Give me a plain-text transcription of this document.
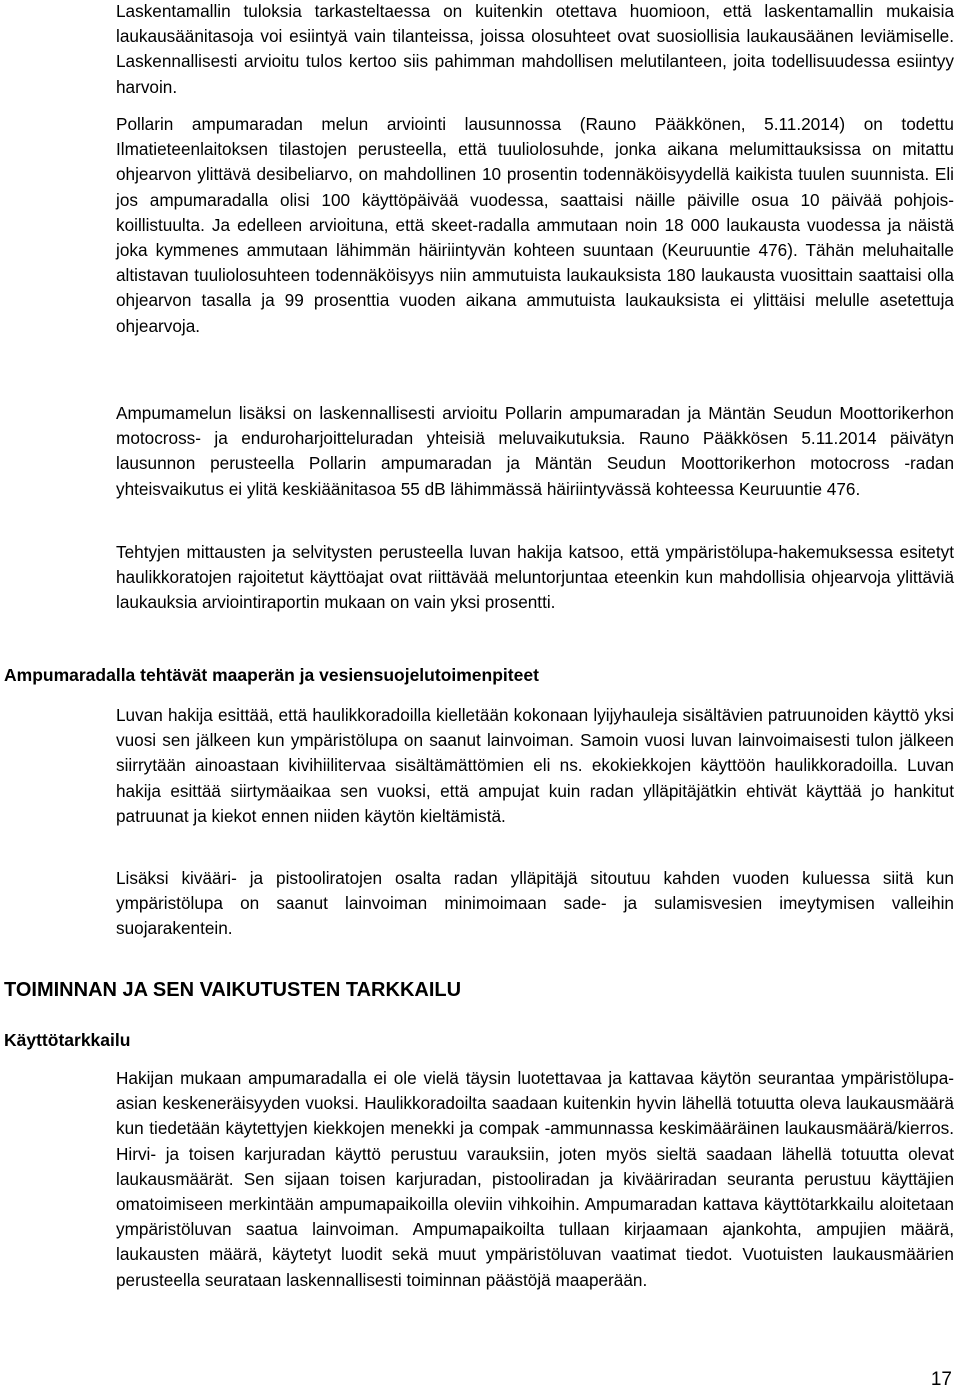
Laskentamallin tuloksia tarkasteltaessa on kuitenkin otettava huomioon, että laskentamallin mukaisia laukausäänitasoja voi esiintyä vain tilanteissa, joissa olosuhteet ovat suosiollisia laukausäänen leviämiselle. Laskennallisesti arvioitu tulos kertoo siis pahimman mahdollisen melutilanteen, joita todellisuudessa esiintyy harvoin.

Pollarin ampumaradan melun arviointi lausunnossa (Rauno Pääkkönen, 5.11.2014) on todettu Ilmatieteenlaitoksen tilastojen perusteella, että tuuliolosuhde, jonka aikana melumittauksissa on mitattu ohjearvon ylittävä desibeliarvo, on mahdollinen 10 prosentin todennäköisyydellä kaikista tuulen suunnista. Eli jos ampumaradalla olisi 100 käyttöpäivää vuodessa, saattaisi näille päiville osua 10 päivää pohjois-koillistuulta. Ja edelleen arvioituna, että skeet-radalla ammutaan noin 18 000 laukausta vuodessa ja näistä joka kymmenes ammutaan lähimmän häiriintyvän kohteen suuntaan (Keuruuntie 476). Tähän meluhaitalle altistavan tuuliolosuhteen todennäköisyys niin ammutuista laukauksista 180 laukausta vuosittain saattaisi olla ohjearvon tasalla ja 99 prosenttia vuoden aikana ammutuista laukauksista ei ylittäisi melulle asetettuja ohjearvoja.

Ampumamelun lisäksi on laskennallisesti arvioitu Pollarin ampumaradan ja Mäntän Seudun Moottorikerhon motocross- ja enduroharjoitteluradan yhteisiä meluvaikutuksia. Rauno Pääkkösen 5.11.2014 päivätyn lausunnon perusteella Pollarin ampumaradan ja Mäntän Seudun Moottorikerhon motocross -radan yhteisvaikutus ei ylitä keskiäänitasoa 55 dB lähimmässä häiriintyvässä kohteessa Keuruuntie 476.

Tehtyjen mittausten ja selvitysten perusteella luvan hakija katsoo, että ympäristölupa-hakemuksessa esitetyt haulikkoratojen rajoitetut käyttöajat ovat riittävää meluntorjuntaa eteenkin kun mahdollisia ohjearvoja ylittäviä laukauksia arviointiraportin mukaan on vain yksi prosentti.

Ampumaradalla tehtävät maaperän ja vesiensuojelutoimenpiteet

Luvan hakija esittää, että haulikkoradoilla kielletään kokonaan lyijyhauleja sisältävien patruunoiden käyttö yksi vuosi sen jälkeen kun ympäristölupa on saanut lainvoiman. Samoin vuosi luvan lainvoimaisesti tulon jälkeen siirrytään ainoastaan kivihiilitervaa sisältämättömien eli ns. ekokiekkojen käyttöön haulikkoradoilla. Luvan hakija esittää siirtymäaikaa sen vuoksi, että ampujat kuin radan ylläpitäjätkin ehtivät käyttää jo hankitut patruunat ja kiekot ennen niiden käytön kieltämistä.

Lisäksi kivääri- ja pistooliratojen osalta radan ylläpitäjä sitoutuu kahden vuoden kuluessa siitä kun ympäristölupa on saanut lainvoiman minimoimaan sade- ja sulamisvesien imeytymisen valleihin suojarakentein.

TOIMINNAN JA SEN VAIKUTUSTEN TARKKAILU
Käyttötarkkailu

Hakijan mukaan ampumaradalla ei ole vielä täysin luotettavaa ja kattavaa käytön seurantaa ympäristölupa-asian keskeneräisyyden vuoksi. Haulikkoradoilta saadaan kuitenkin hyvin lähellä totuutta oleva laukausmäärä kun tiedetään käytettyjen kiekkojen menekki ja compak -ammunnassa keskimääräinen laukausmäärä/kierros. Hirvi- ja toisen karjuradan käyttö perustuu varauksiin, joten myös sieltä saadaan lähellä totuutta olevat laukausmäärät. Sen sijaan toisen karjuradan, pistooliradan ja kivääriradan seuranta perustuu käyttäjien omatoimiseen merkintään ampumapaikoilla oleviin vihkoihin. Ampumaradan kattava käyttötarkkailu aloitetaan ympäristöluvan saatua lainvoiman. Ampumapaikoilta tullaan kirjaamaan ajankohta, ampujien määrä, laukausten määrä, käytetyt luodit sekä muut ympäristöluvan vaatimat tiedot. Vuotuisten laukausmäärien perusteella seurataan laskennallisesti toiminnan päästöjä maaperään.

17
